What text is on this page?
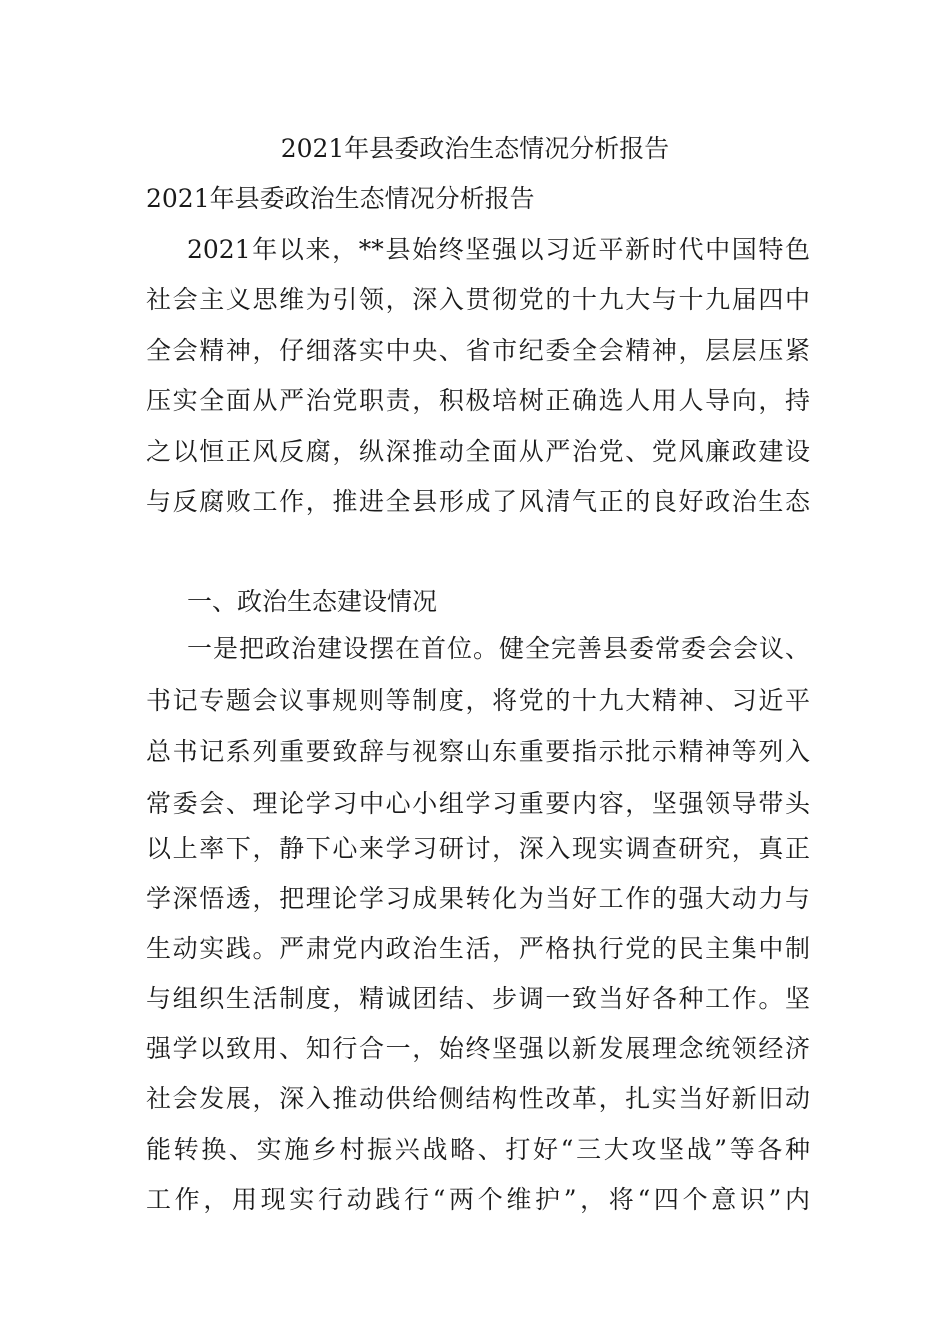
2021年县委政治生态情况分析报告
2021年县委政治生态情况分析报告
2021年以来，**县始终坚强以习近平新时代中国特色
社会主义思维为引领，深入贯彻党的十九大与十九届四中
全会精神，仔细落实中央、省市纪委全会精神，层层压紧
压实全面从严治党职责，积极培树正确选人用人导向，持
之以恒正风反腐，纵深推动全面从严治党、党风廉政建设
与反腐败工作，推进全县形成了风清气正的良好政治生态
一、政治生态建设情况
一是把政治建设摆在首位。健全完善县委常委会会议、
书记专题会议事规则等制度，将党的十九大精神、习近平
总书记系列重要致辞与视察山东重要指示批示精神等列入
常委会、理论学习中心小组学习重要内容，坚强领导带头
以上率下，静下心来学习研讨，深入现实调查研究，真正
学深悟透，把理论学习成果转化为当好工作的强大动力与
生动实践。严肃党内政治生活，严格执行党的民主集中制
与组织生活制度，精诚团结、步调一致当好各种工作。坚
强学以致用、知行合一，始终坚强以新发展理念统领经济
社会发展，深入推动供给侧结构性改革，扎实当好新旧动
能转换、实施乡村振兴战略、打好“三大攻坚战”等各种
工作，用现实行动践行“两个维护”，将“四个意识”内
